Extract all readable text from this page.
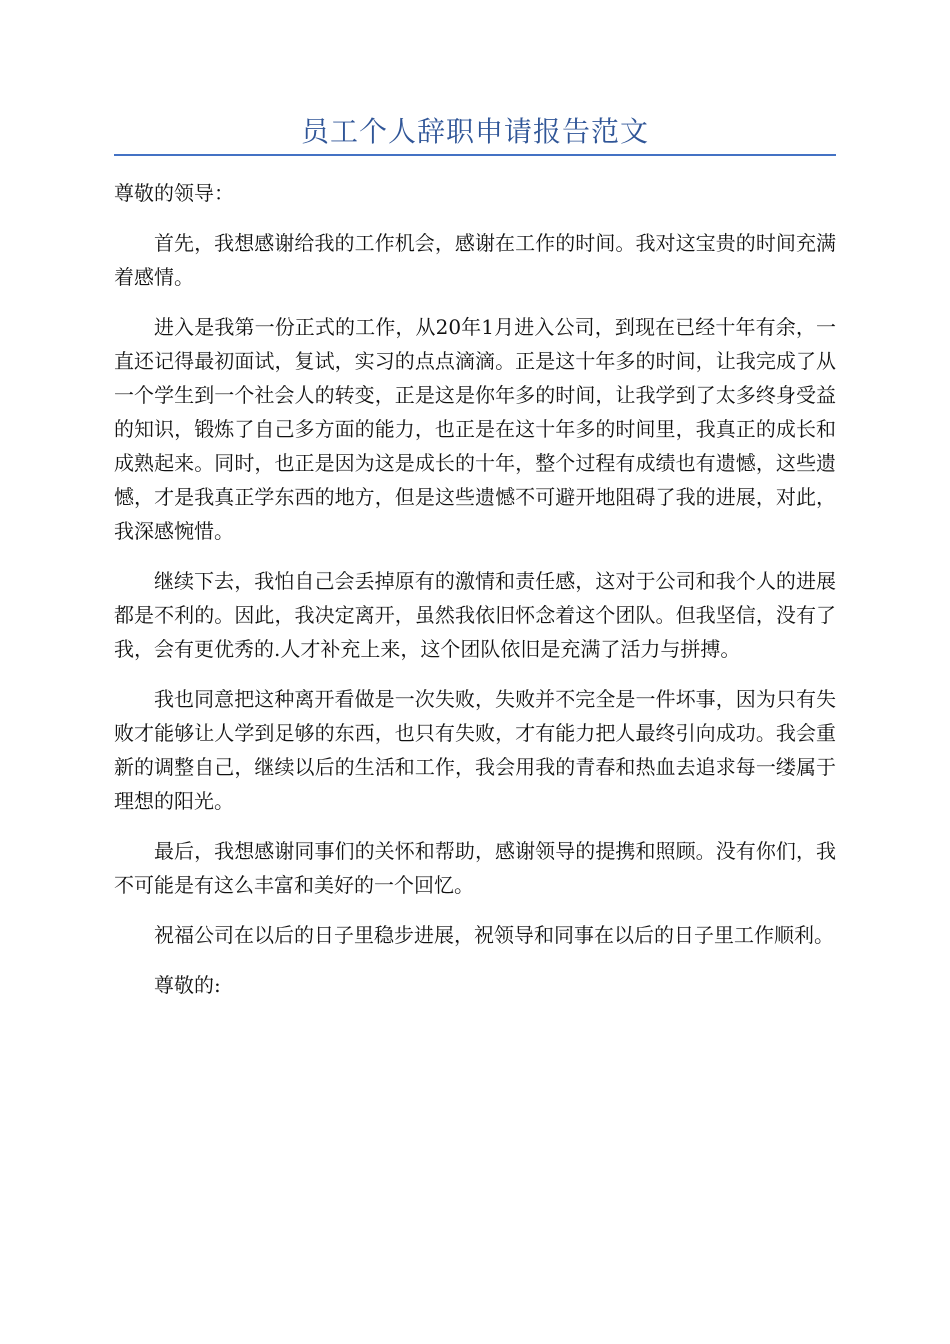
员工个人辞职申请报告范文

尊敬的领导：

首先，我想感谢给我的工作机会，感谢在工作的时间。我对这宝贵的时间充满着感情。

进入是我第一份正式的工作，从20年1月进入公司，到现在已经十年有余，一直还记得最初面试，复试，实习的点点滴滴。正是这十年多的时间，让我完成了从一个学生到一个社会人的转变，正是这是你年多的时间，让我学到了太多终身受益的知识，锻炼了自己多方面的能力，也正是在这十年多的时间里，我真正的成长和成熟起来。同时，也正是因为这是成长的十年，整个过程有成绩也有遗憾，这些遗憾，才是我真正学东西的地方，但是这些遗憾不可避开地阻碍了我的进展，对此，我深感惋惜。

继续下去，我怕自己会丢掉原有的激情和责任感，这对于公司和我个人的进展都是不利的。因此，我决定离开，虽然我依旧怀念着这个团队。但我坚信，没有了我，会有更优秀的.人才补充上来，这个团队依旧是充满了活力与拼搏。

我也同意把这种离开看做是一次失败，失败并不完全是一件坏事，因为只有失败才能够让人学到足够的东西，也只有失败，才有能力把人最终引向成功。我会重新的调整自己，继续以后的生活和工作，我会用我的青春和热血去追求每一缕属于理想的阳光。

最后，我想感谢同事们的关怀和帮助，感谢领导的提携和照顾。没有你们，我不可能是有这么丰富和美好的一个回忆。

祝福公司在以后的日子里稳步进展，祝领导和同事在以后的日子里工作顺利。

尊敬的:
